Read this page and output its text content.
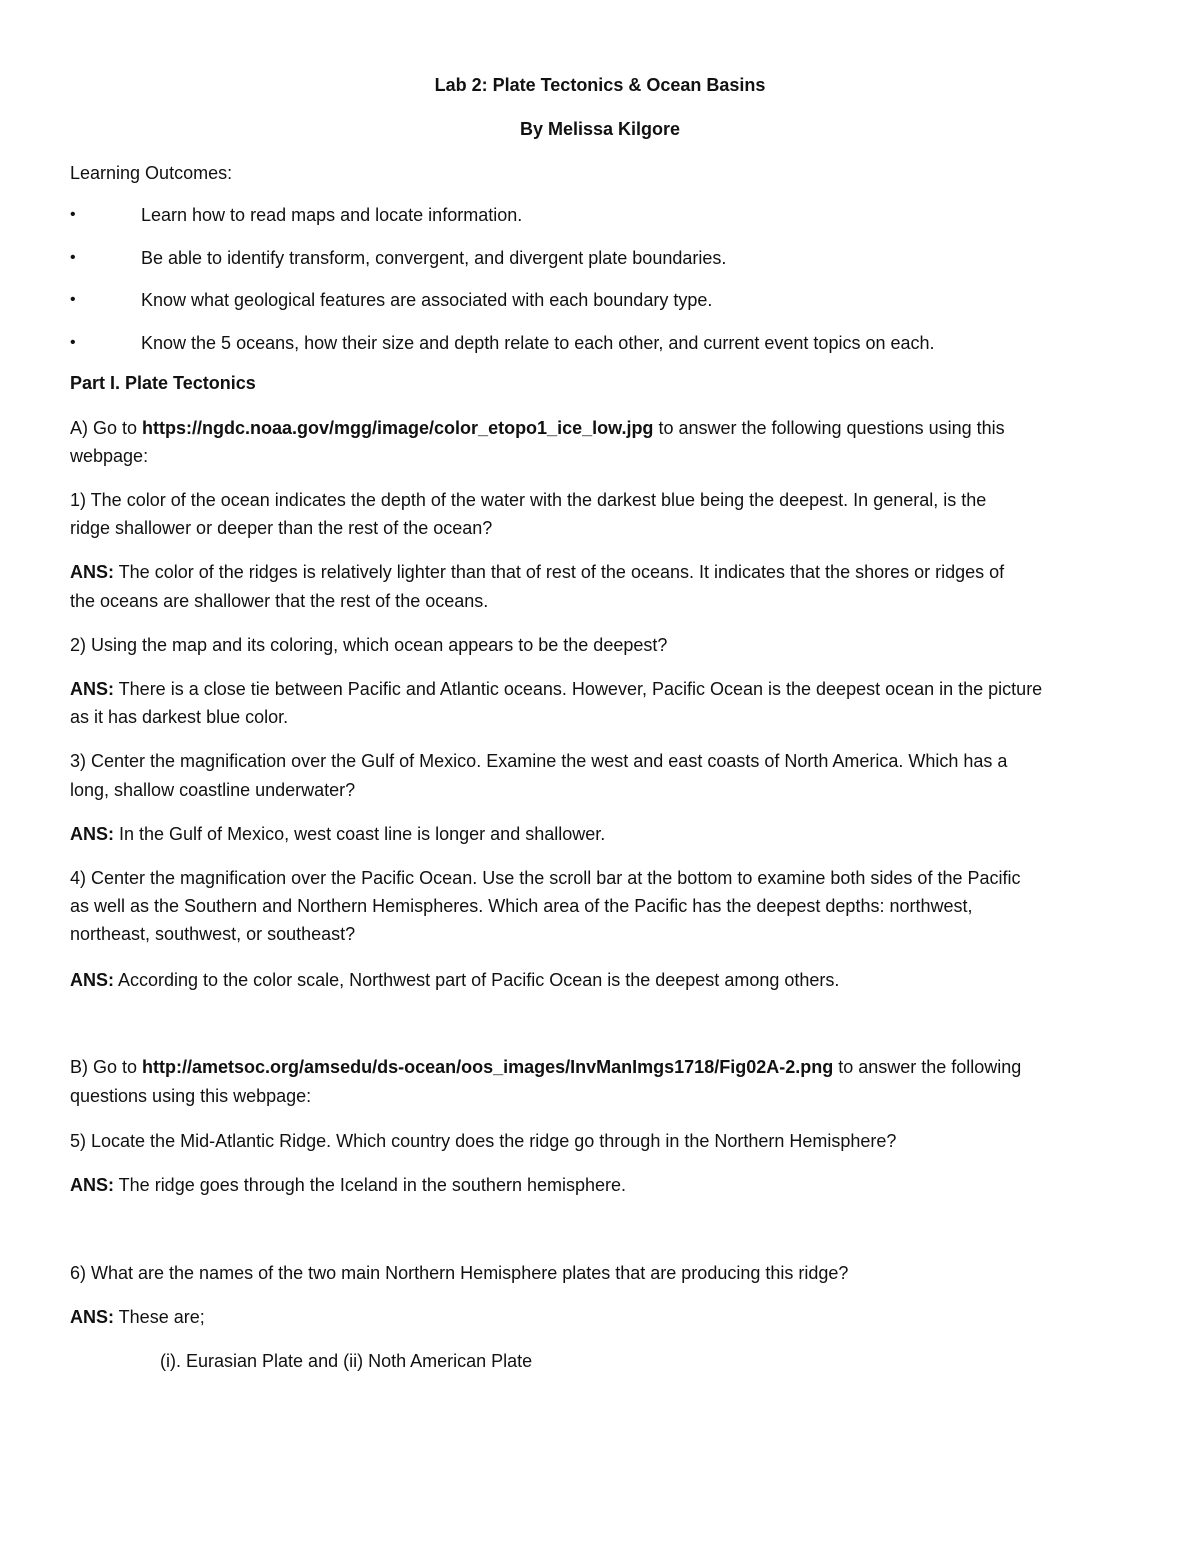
Lab 2: Plate Tectonics & Ocean Basins
By Melissa Kilgore
Learning Outcomes:
•	Learn how to read maps and locate information.
•	Be able to identify transform, convergent, and divergent plate boundaries.
•	Know what geological features are associated with each boundary type.
•	Know the 5 oceans, how their size and depth relate to each other, and current event topics on each.
Part I. Plate Tectonics
A) Go to https://ngdc.noaa.gov/mgg/image/color_etopo1_ice_low.jpg to answer the following questions using this
webpage:
1) The color of the ocean indicates the depth of the water with the darkest blue being the deepest. In general, is the
ridge shallower or deeper than the rest of the ocean?
ANS: The color of the ridges is relatively lighter than that of rest of the oceans. It indicates that the shores or ridges of
the oceans are shallower that the rest of the oceans.
2) Using the map and its coloring, which ocean appears to be the deepest?
ANS: There is a close tie between Pacific and Atlantic oceans. However, Pacific Ocean is the deepest ocean in the picture
as it has darkest blue color.
3) Center the magnification over the Gulf of Mexico. Examine the west and east coasts of North America. Which has a
long, shallow coastline underwater?
ANS: In the Gulf of Mexico, west coast line is longer and shallower.
4) Center the magnification over the Pacific Ocean. Use the scroll bar at the bottom to examine both sides of the Pacific
as well as the Southern and Northern Hemispheres. Which area of the Pacific has the deepest depths: northwest,
northeast, southwest, or southeast?
ANS: According to the color scale, Northwest part of Pacific Ocean is the deepest among others.
B) Go to http://ametsoc.org/amsedu/ds-ocean/oos_images/InvManImgs1718/Fig02A-2.png to answer the following
questions using this webpage:
5) Locate the Mid-Atlantic Ridge. Which country does the ridge go through in the Northern Hemisphere?
ANS: The ridge goes through the Iceland in the southern hemisphere.
6) What are the names of the two main Northern Hemisphere plates that are producing this ridge?
ANS: These are;
(i). Eurasian Plate and (ii) Noth American Plate
